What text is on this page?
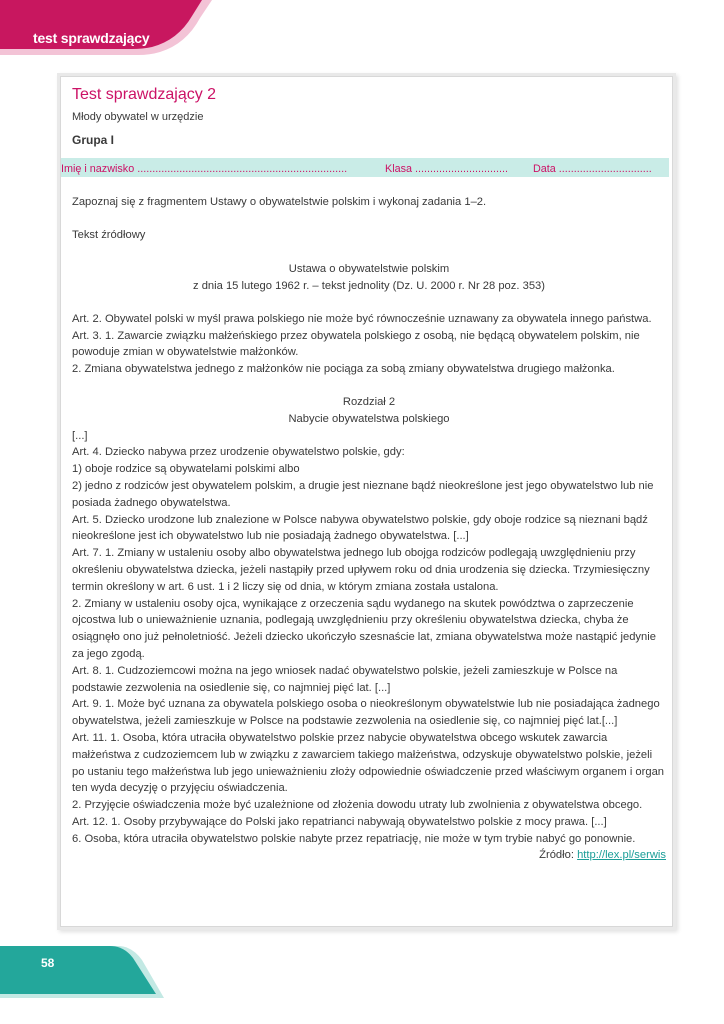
test sprawdzający
Test sprawdzający 2
Młody obywatel w urzędzie
Grupa I
Imię i nazwisko ......................................................................	Klasa ............................... Data ...............................
Zapoznaj się z fragmentem Ustawy o obywatelstwie polskim i wykonaj zadania 1–2.
Tekst źródłowy
Ustawa o obywatelstwie polskim
z dnia 15 lutego 1962 r. – tekst jednolity (Dz. U. 2000 r. Nr 28 poz. 353)

Art. 2. Obywatel polski w myśl prawa polskiego nie może być równocześnie uznawany za obywatela innego państwa.

Art. 3. 1. Zawarcie związku małżeńskiego przez obywatela polskiego z osobą, nie będącą obywatelem polskim, nie powoduje zmian w obywatelstwie małżonków.

2. Zmiana obywatelstwa jednego z małżonków nie pociąga za sobą zmiany obywatelstwa drugiego małżonka.

Rozdział 2
Nabycie obywatelstwa polskiego

[...]

Art. 4. Dziecko nabywa przez urodzenie obywatelstwo polskie, gdy:

1) oboje rodzice są obywatelami polskimi albo

2) jedno z rodziców jest obywatelem polskim, a drugie jest nieznane bądź nieokreślone jest jego obywatelstwo lub nie posiada żadnego obywatelstwa.

Art. 5. Dziecko urodzone lub znalezione w Polsce nabywa obywatelstwo polskie, gdy oboje rodzice są nieznani bądź nieokreślone jest ich obywatelstwo lub nie posiadają żadnego obywatelstwa. [...]

Art. 7. 1. Zmiany w ustaleniu osoby albo obywatelstwa jednego lub obojga rodziców podlegają uwzględnieniu przy określeniu obywatelstwa dziecka, jeżeli nastąpiły przed upływem roku od dnia urodzenia się dziecka. Trzymiesięczny termin określony w art. 6 ust. 1 i 2 liczy się od dnia, w którym zmiana została ustalona.

2. Zmiany w ustaleniu osoby ojca, wynikające z orzeczenia sądu wydanego na skutek powództwa o zaprzeczenie ojcostwa lub o unieważnienie uznania, podlegają uwzględnieniu przy określeniu obywatelstwa dziecka, chyba że osiągnęło ono już pełnoletniość. Jeżeli dziecko ukończyło szesnaście lat, zmiana obywatelstwa może nastąpić jedynie za jego zgodą.

Art. 8. 1. Cudzoziemcowi można na jego wniosek nadać obywatelstwo polskie, jeżeli zamieszkuje w Polsce na podstawie zezwolenia na osiedlenie się, co najmniej pięć lat. [...]

Art. 9. 1. Może być uznana za obywatela polskiego osoba o nieokreślonym obywatelstwie lub nie posiadająca żadnego obywatelstwa, jeżeli zamieszkuje w Polsce na podstawie zezwolenia na osiedlenie się, co najmniej pięć lat.[...]

Art. 11. 1. Osoba, która utraciła obywatelstwo polskie przez nabycie obywatelstwa obcego wskutek zawarcia małżeństwa z cudzoziemcem lub w związku z zawarciem takiego małżeństwa, odzyskuje obywatelstwo polskie, jeżeli po ustaniu tego małżeństwa lub jego unieważnieniu złoży odpowiednie oświadczenie przed właściwym organem i organ ten wyda decyzję o przyjęciu oświadczenia.

2. Przyjęcie oświadczenia może być uzależnione od złożenia dowodu utraty lub zwolnienia z obywatelstwa obcego.

Art. 12. 1. Osoby przybywające do Polski jako repatrianci nabywają obywatelstwo polskie z mocy prawa. [...]

6. Osoba, która utraciła obywatelstwo polskie nabyte przez repatriację, nie może w tym trybie nabyć go ponownie.

Źródło: http://lex.pl/serwis
58
